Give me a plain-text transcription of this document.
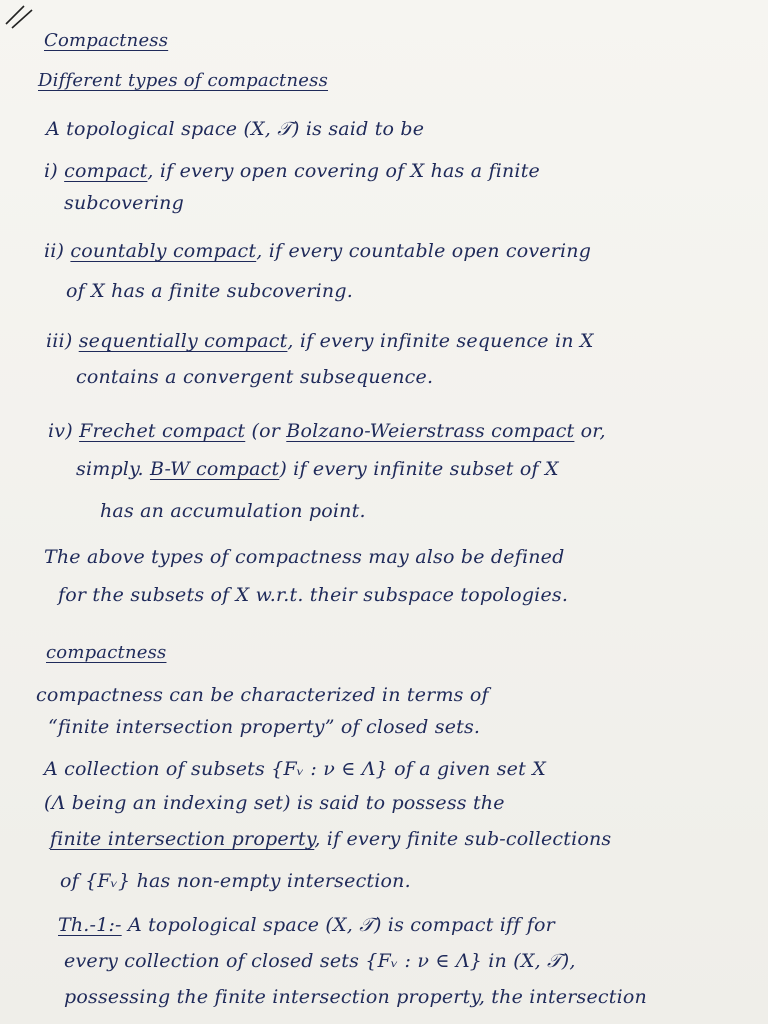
Compactness
Different types of compactness
A topological space (X, 𝒯) is said to be
i) compact, if every open covering of X has a finite
subcovering
ii) countably compact, if every countable open covering
of X has a finite subcovering.
iii) sequentially compact, if every infinite sequence in X
contains a convergent subsequence.
iv) Frechet compact (or Bolzano-Weierstrass compact or,
simply. B-W compact) if every infinite subset of X
has an accumulation point.
The above types of compactness may also be defined
for the subsets of X w.r.t. their subspace topologies.
compactness
compactness can be characterized in terms of
“finite intersection property” of closed sets.
A collection of subsets {Fᵥ : ν ∈ Λ} of a given set X
(Λ being an indexing set) is said to possess the
finite intersection property, if every finite sub-collections
of {Fᵥ} has non-empty intersection.
Th.-1:- A topological space (X, 𝒯) is compact iff for
every collection of closed sets {Fᵥ : ν ∈ Λ} in (X, 𝒯),
possessing the finite intersection property, the intersection
